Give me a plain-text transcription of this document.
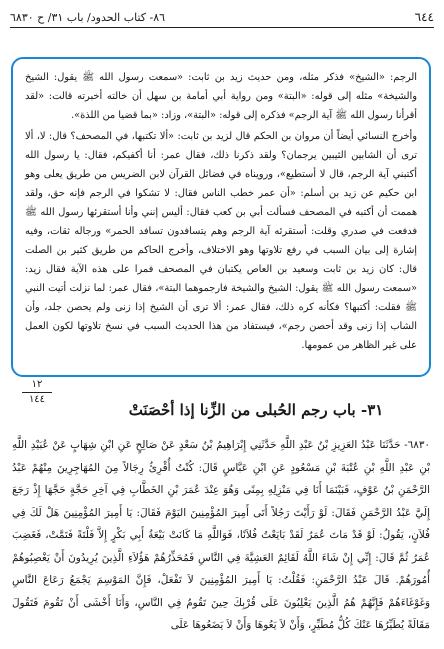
٦٤٤
٨٦- كتاب الحدود/ باب ٣١/ ح ٦٨٣٠

الرجم: «الشيخ» فذكر مثله، ومن حديث زيد بن ثابت: «سمعت رسول الله ﷺ يقول: الشيخ والشيخة» مثله إلى قوله: «البتة» ومن رواية أبي أمامة بن سهل أن خالته أخبرته قالت: «لقد أقرأنا رسول الله ﷺ آية الرجم» فذكره إلى قوله: «البتة»، وزاد: «بما قضيا من اللذة».

وأخرج النسائي أيضاً أن مروان بن الحكم قال لزيد بن ثابت: «ألا تكتبها، في المصحف؟ قال: لا، ألا ترى أن الشابين الثيبين يرجمان؟ ولقد ذكرنا ذلك، فقال عمر: أنا أكفيكم، فقال: يا رسول الله أكتبني آية الرجم، قال لا أستطيع»، ورويناه في فضائل القرآن لابن الضريس من طريق يعلى وهو ابن حكيم عن زيد بن أسلم: «أن عمر خطب الناس فقال: لا تشكوا في الرجم فإنه حق، ولقد هممت أن أكتبه في المصحف فسألت أبي بن كعب فقال: أليس إنني وأنا أستقرئها رسول الله ﷺ فدفعت في صدري وقلت: أستقرئه آية الرجم وهم يتسافدون تسافد الحمر» ورجاله ثقات، وفيه إشارة إلى بيان السبب في رفع تلاوتها وهو الاختلاف، وأخرج الحاكم من طريق كثير بن الصلت قال: كان زيد بن ثابت وسعيد بن العاص يكتبان في المصحف فمرا على هذه الآية فقال زيد: «سمعت رسول الله ﷺ يقول: الشيخ والشيخة فارجموهما البتة»، فقال عمر: لما نزلت أتيت النبي ﷺ فقلت: أكتبها؟ فكأنه كره ذلك، فقال عمر: ألا ترى أن الشيخ إذا زنى ولم يحصن جلد، وأن الشاب إذا زنى وقد أحصن رجم»، فيستفاد من هذا الحديث السبب في نسخ تلاوتها لكون العمل على غير الظاهر من عمومها.

١٢
١٤٤
٣١- باب رجم الحُبلى من الزِّنا إذا أحْصَنَتْ
٦٨٣٠- حَدَّثَنَا عَبْدُ العَزِيزِ بْنُ عَبْدِ اللَّهِ حَدَّثَنِي إِبْرَاهِيمُ بْنُ سَعْدٍ عَنْ صَالِحٍ عَنِ ابْنِ شِهَابٍ عَنْ عُبَيْدِ اللَّهِ بْنِ عَبْدِ اللَّهِ بْنِ عُتْبَةَ بْنِ مَسْعُودٍ عَنِ ابْنِ عَبَّاسٍ قَالَ: كُنْتُ أُقْرِئُ رِجَالاً مِنَ المُهَاجِرِينَ مِنْهُمْ عَبْدُ الرَّحْمَنِ بْنُ عَوْفٍ، فَبَيْنَمَا أَنَا فِي مَنْزِلِهِ بِمِنًى وَهُوَ عِنْدَ عُمَرَ بْنِ الخَطَّابِ فِي آخِرِ حَجَّةٍ حَجَّهَا إِذْ رَجَعَ إِلَيَّ عَبْدُ الرَّحْمَنِ فَقَالَ: لَوْ رَأَيْتَ رَجُلاً أَتَى أَمِيرَ المُؤْمِنِينَ اليَوْمَ فَقَالَ: يَا أَمِيرَ المُؤْمِنِينَ هَلْ لَكَ فِي فُلاَنٍ، يَقُولُ: لَوْ قَدْ مَاتَ عُمَرُ لَقَدْ بَايَعْتُ فُلاَنًا، فَوَاللَّهِ مَا كَانَتْ بَيْعَةُ أَبِي بَكْرٍ إِلاَّ فَلْتَةً فَتَمَّتْ، فَغَضِبَ عُمَرُ ثُمَّ قَالَ: إِنِّي إِنْ شَاءَ اللَّهُ لَقَائِمٌ العَشِيَّةَ فِي النَّاسِ فَمُحَذِّرُهُمْ هَؤُلاَءِ الَّذِينَ يُرِيدُونَ أَنْ يَغْصِبُوهُمْ أُمُورَهُمْ. قَالَ عَبْدُ الرَّحْمَنِ: فَقُلْتُ: يَا أَمِيرَ المُؤْمِنِينَ لاَ تَفْعَلْ، فَإِنَّ المَوْسِمَ يَجْمَعُ رَعَاعَ النَّاسِ وَغَوْغَاءَهُمْ فَإِنَّهُمْ هُمُ الَّذِينَ يَغْلِبُونَ عَلَى قُرْبِكَ حِينَ تَقُومُ فِي النَّاسِ، وَأَنَا أَخْشَى أَنْ تَقُومَ فَتَقُولَ مَقَالَةً يُطَيِّرُهَا عَنْكَ كُلُّ مُطَيِّرٍ، وَأَنْ لاَ يَعُوهَا وَأَنْ لاَ يَضَعُوهَا عَلَى
